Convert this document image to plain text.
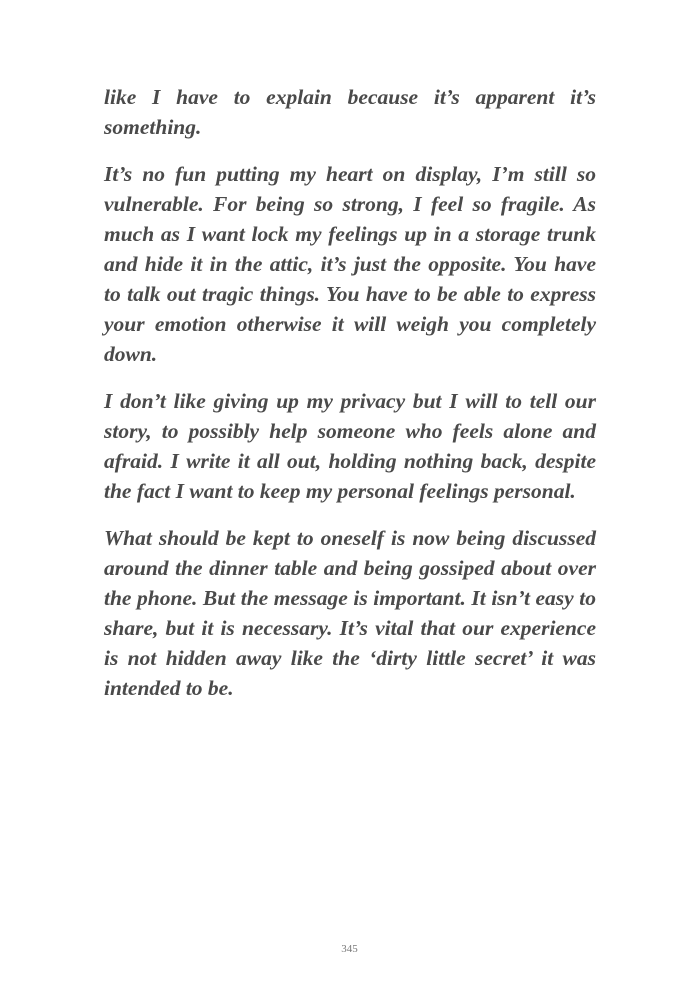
like I have to explain because it’s apparent it’s something.

It’s no fun putting my heart on display, I’m still so vulnerable. For being so strong, I feel so fragile. As much as I want lock my feelings up in a storage trunk and hide it in the attic, it’s just the opposite. You have to talk out tragic things. You have to be able to express your emotion otherwise it will weigh you completely down.

I don’t like giving up my privacy but I will to tell our story, to possibly help someone who feels alone and afraid. I write it all out, holding nothing back, despite the fact I want to keep my personal feelings personal.

What should be kept to oneself is now being discussed around the dinner table and being gossiped about over the phone. But the message is important. It isn’t easy to share, but it is necessary. It’s vital that our experience is not hidden away like the ‘dirty little secret’ it was intended to be.

345
